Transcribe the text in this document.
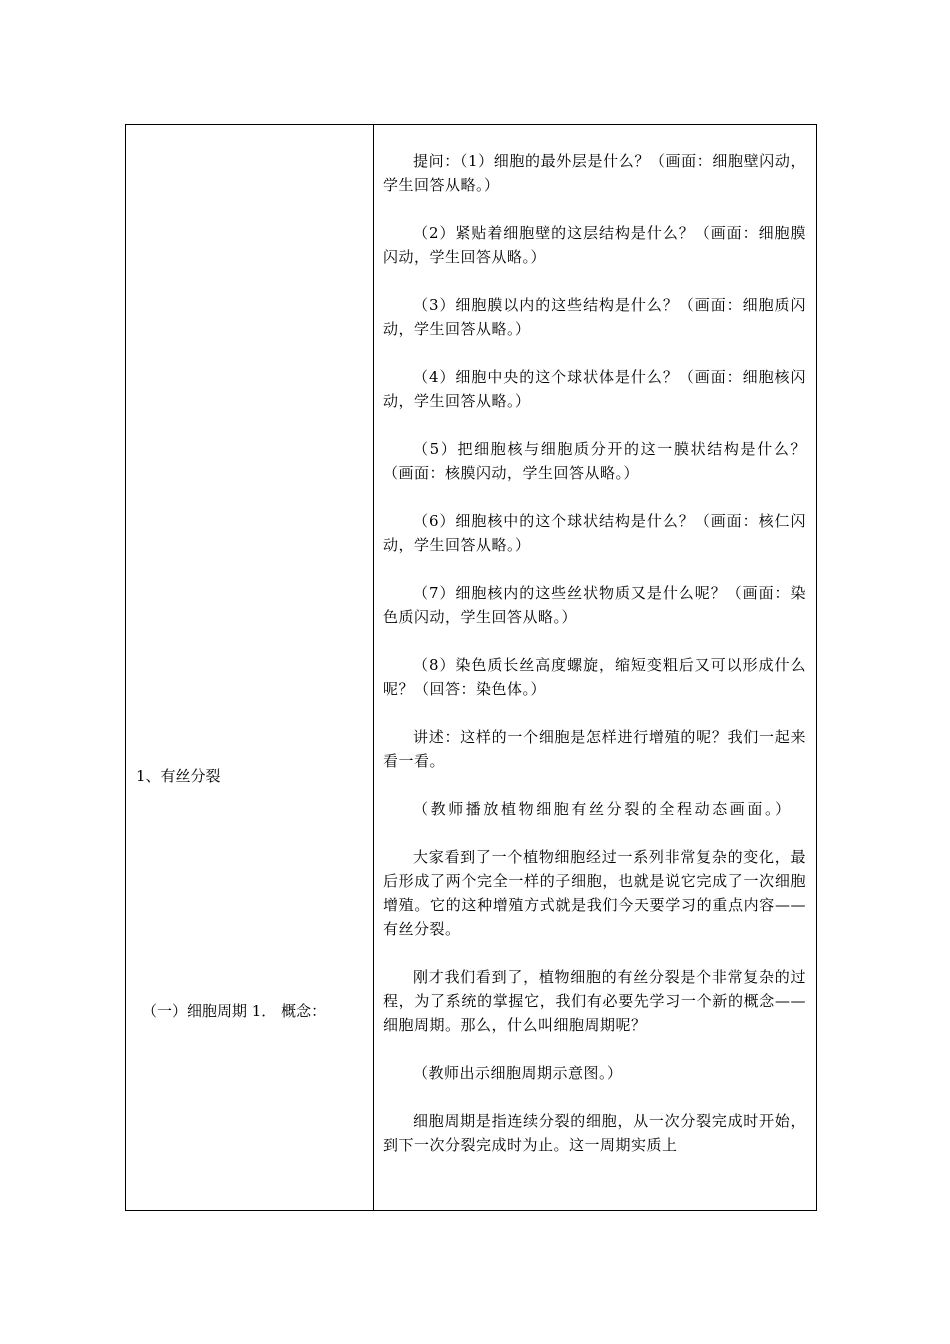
1、有丝分裂
（一）细胞周期 1． 概念：

提问：（1）细胞的最外层是什么？（画面：细胞壁闪动，学生回答从略。）

（2）紧贴着细胞壁的这层结构是什么？（画面：细胞膜闪动，学生回答从略。）

（3）细胞膜以内的这些结构是什么？（画面：细胞质闪动，学生回答从略。）

（4）细胞中央的这个球状体是什么？（画面：细胞核闪动，学生回答从略。）

（5）把细胞核与细胞质分开的这一膜状结构是什么？（画面：核膜闪动，学生回答从略。）

（6）细胞核中的这个球状结构是什么？（画面：核仁闪动，学生回答从略。）

（7）细胞核内的这些丝状物质又是什么呢？（画面：染色质闪动，学生回答从略。）

（8）染色质长丝高度螺旋，缩短变粗后又可以形成什么呢？（回答：染色体。）

讲述：这样的一个细胞是怎样进行增殖的呢？我们一起来看一看。

（教师播放植物细胞有丝分裂的全程动态画面。）

大家看到了一个植物细胞经过一系列非常复杂的变化，最后形成了两个完全一样的子细胞，也就是说它完成了一次细胞增殖。它的这种增殖方式就是我们今天要学习的重点内容——有丝分裂。

刚才我们看到了，植物细胞的有丝分裂是个非常复杂的过程，为了系统的掌握它，我们有必要先学习一个新的概念——细胞周期。那么，什么叫细胞周期呢？

（教师出示细胞周期示意图。）

细胞周期是指连续分裂的细胞，从一次分裂完成时开始，到下一次分裂完成时为止。这一周期实质上
